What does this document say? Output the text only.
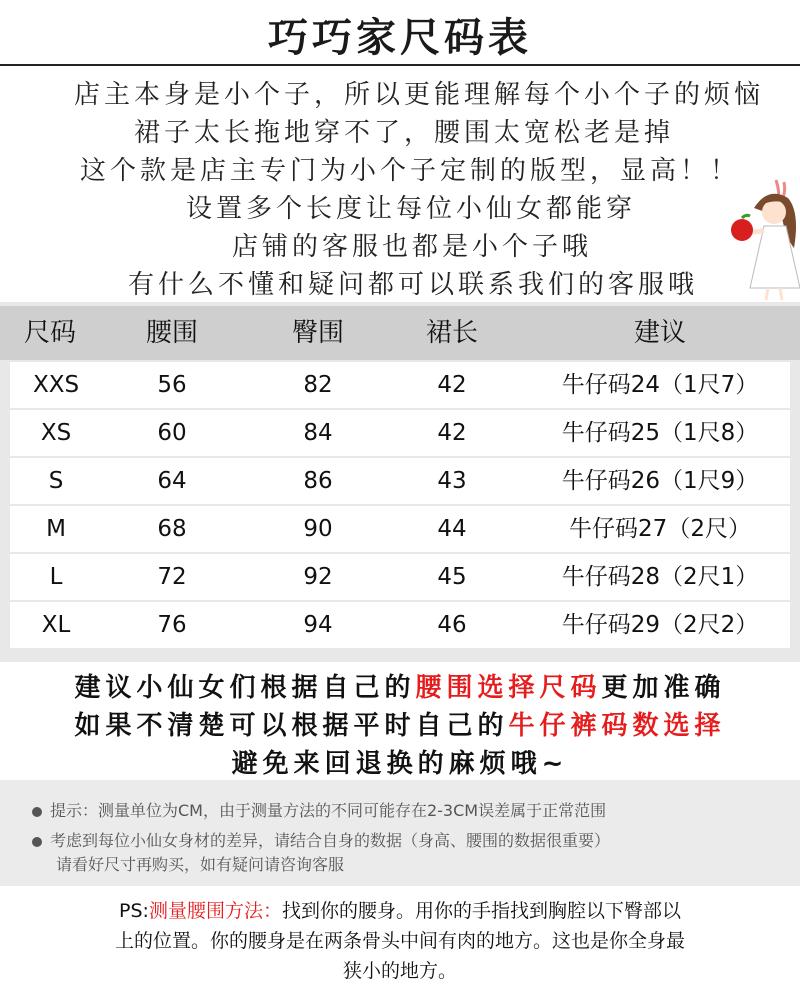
巧巧家尺码表
店主本身是小个子，所以更能理解每个小个子的烦恼
裙子太长拖地穿不了，腰围太宽松老是掉
这个款是店主专门为小个子定制的版型，显高！！
设置多个长度让每位小仙女都能穿
店铺的客服也都是小个子哦
有什么不懂和疑问都可以联系我们的客服哦
尺码	腰围	臀围	裙长	建议
XXS	56	82	42	牛仔码24（1尺7）
XS	60	84	42	牛仔码25（1尺8）
S	64	86	43	牛仔码26（1尺9）
M	68	90	44	牛仔码27（2尺）
L	72	92	45	牛仔码28（2尺1）
XL	76	94	46	牛仔码29（2尺2）
建议小仙女们根据自己的腰围选择尺码更加准确
如果不清楚可以根据平时自己的牛仔裤码数选择
避免来回退换的麻烦哦~
提示：测量单位为CM，由于测量方法的不同可能存在2-3CM误差属于正常范围
考虑到每位小仙女身材的差异，请结合自身的数据（身高、腰围的数据很重要）
请看好尺寸再购买，如有疑问请咨询客服
PS:测量腰围方法：找到你的腰身。用你的手指找到胸腔以下臀部以
上的位置。你的腰身是在两条骨头中间有肉的地方。这也是你全身最
狭小的地方。
